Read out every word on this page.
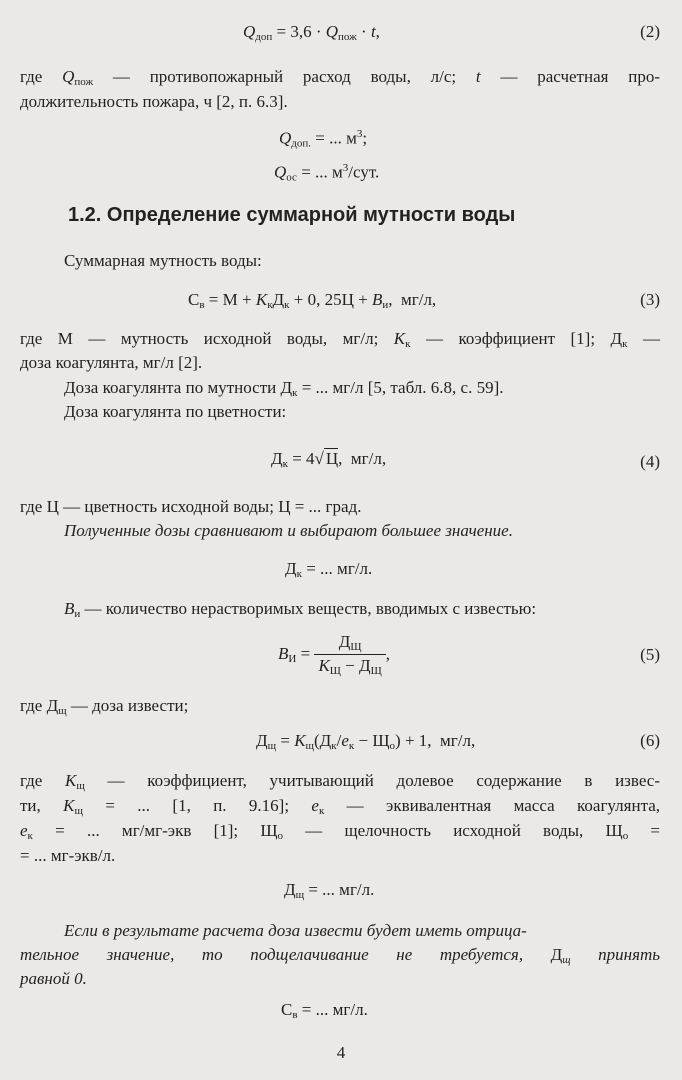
$Q_{доп} = 3,6 \cdot Q_{пож} \cdot t$,	(2)
где $Q_{пож}$ — противопожарный расход воды, л/с; t — расчетная про-
должительность пожара, ч [2, п. 6.3].
$Q_{доп.}$ = ... $м^3$;
$Q_{ос}$ = ... $м^3$/сут.
1.2. Определение суммарной мутности воды
Суммарная мутность воды:
$С_в = М + K_кД_к + 0$, $25Ц + В_и$,  мг/л,	(3)
где М — мутность исходной воды, мг/л; $K_к$ — коэффициент [1]; $Д_к$ —
доза коагулянта, мг/л [2].
Доза коагулянта по мутности $Д_к$ = ... мг/л [5, табл. 6.8, с. 59].
Доза коагулянта по цветности:
$Д_к = 4√$ Ц,  мг/л,	(4)
где Ц — цветность исходной воды; Ц = ... град.
Полученные дозы сравнивают и выбирают большее значение.
$Д_к$ = ... мг/л.
$В_и$ — количество нерастворимых веществ, вводимых с известью:
$B_И = \frac{Д_Щ}{K_Щ - Д_Щ}$ ,	(5)
где $Д_щ$ — доза извести;
$Д_щ = K_щ(Д_к/e_к - Щ_о) + 1$,  мг/л,	(6)
где $K_щ$ — коэффициент, учитывающий долевое содержание в извес-
ти, $K_щ$ = ... [1, п. 9.16]; $e_к$ — эквивалентная масса коагулянта,
$e_к$ = ... мг/мг-экв [1]; $Щ_о$ — щелочность исходной воды, $Щ_о$ =
= ... мг-экв/л.
$Д_щ$ = ... мг/л.
Если в результате расчета доза извести будет иметь отрица-
тельное значение, то подщелачивание не требуется, $Д_щ$ принять
равной 0.
$С_в$ = ... мг/л.
4
